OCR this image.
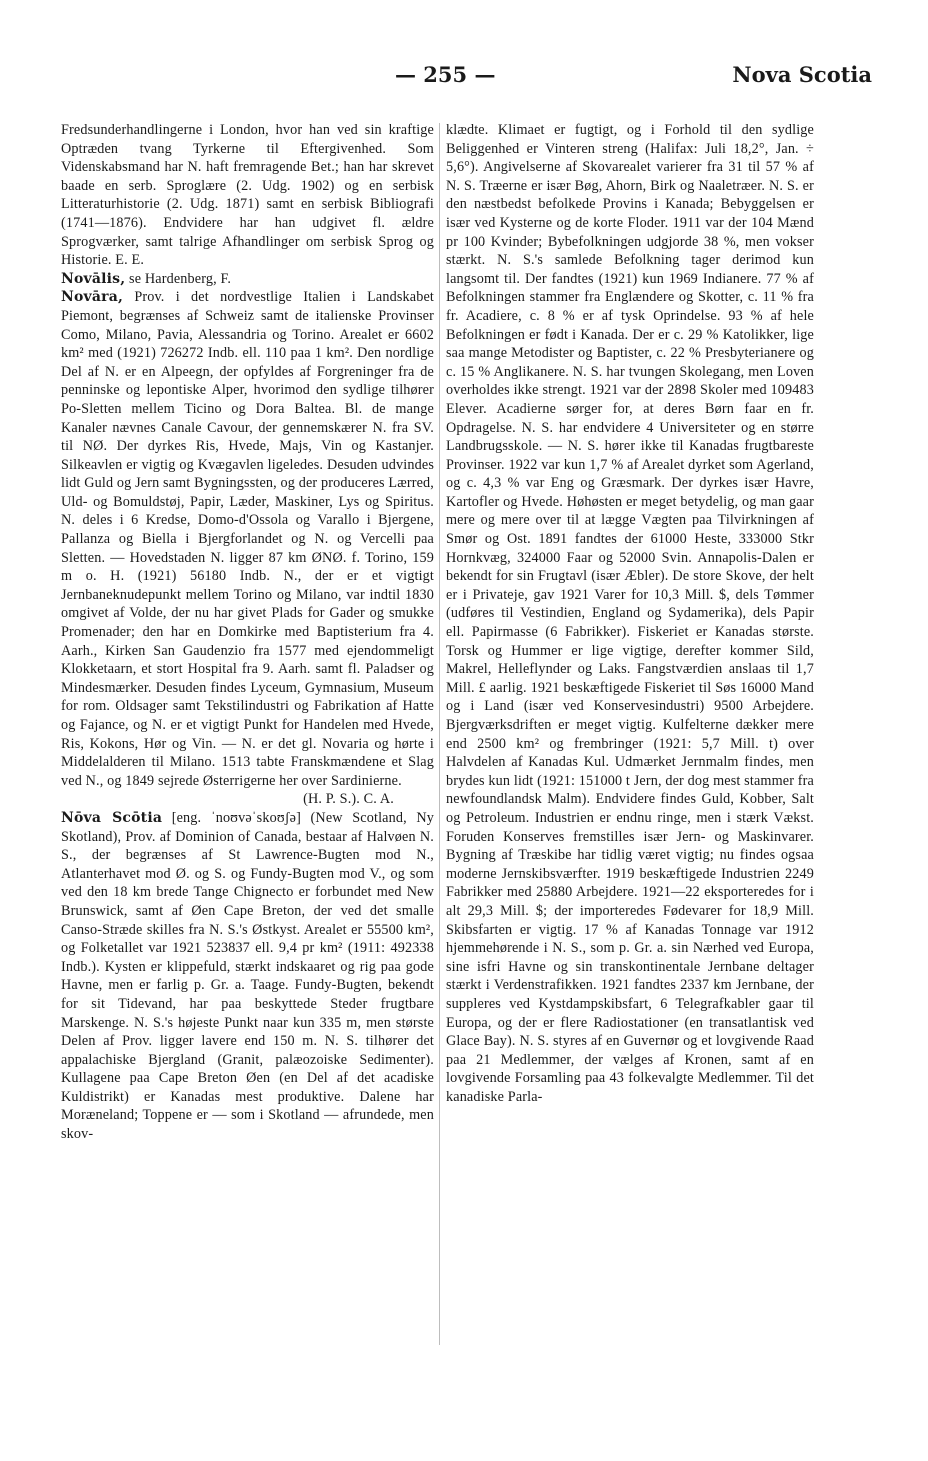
— 255 —	Nova Scotia

Fredsunderhandlingerne i London, hvor han ved sin kraftige Optræden tvang Tyrkerne til Eftergivenhed. Som Videnskabsmand har N. haft fremragende Bet.; han har skrevet baade en serb. Sproglære (2. Udg. 1902) og en serbisk Litteraturhistorie (2. Udg. 1871) samt en serbisk Bibliografi (1741—1876). Endvidere har han udgivet fl. ældre Sprogværker, samt talrige Afhandlinger om serbisk Sprog og Historie. E. E.

Novālis, se Hardenberg, F.

Novāra, Prov. i det nordvestlige Italien i Landskabet Piemont, begrænses af Schweiz samt de italienske Provinser Como, Milano, Pavia, Alessandria og Torino. Arealet er 6602 km² med (1921) 726272 Indb. ell. 110 paa 1 km². Den nordlige Del af N. er en Alpeegn, der opfyldes af Forgreninger fra de penninske og lepontiske Alper, hvorimod den sydlige tilhører Po-Sletten mellem Ticino og Dora Baltea. Bl. de mange Kanaler nævnes Canale Cavour, der gennemskærer N. fra SV. til NØ. Der dyrkes Ris, Hvede, Majs, Vin og Kastanjer. Silkeavlen er vigtig og Kvægavlen ligeledes. Desuden udvindes lidt Guld og Jern samt Bygningssten, og der produceres Lærred, Uld- og Bomuldstøj, Papir, Læder, Maskiner, Lys og Spiritus. N. deles i 6 Kredse, Domo-d'Ossola og Varallo i Bjergene, Pallanza og Biella i Bjergforlandet og N. og Vercelli paa Sletten. — Hovedstaden N. ligger 87 km ØNØ. f. Torino, 159 m o. H. (1921) 56180 Indb. N., der er et vigtigt Jernbaneknudepunkt mellem Torino og Milano, var indtil 1830 omgivet af Volde, der nu har givet Plads for Gader og smukke Promenader; den har en Domkirke med Baptisterium fra 4. Aarh., Kirken San Gaudenzio fra 1577 med ejendommeligt Klokketaarn, et stort Hospital fra 9. Aarh. samt fl. Paladser og Mindesmærker. Desuden findes Lyceum, Gymnasium, Museum for rom. Oldsager samt Tekstilindustri og Fabrikation af Hatte og Fajance, og N. er et vigtigt Punkt for Handelen med Hvede, Ris, Kokons, Hør og Vin. — N. er det gl. Novaria og hørte i Middelalderen til Milano. 1513 tabte Franskmændene et Slag ved N., og 1849 sejrede Østerrigerne her over Sardinierne.

(H. P. S.). C. A.

Nōva Scōtia [eng. ˈnoʊvəˈskoʊʃə] (New Scotland, Ny Skotland), Prov. af Dominion of Canada, bestaar af Halvøen N. S., der begrænses af St Lawrence-Bugten mod N., Atlanterhavet mod Ø. og S. og Fundy-Bugten mod V., og som ved den 18 km brede Tange Chignecto er forbundet med New Brunswick, samt af Øen Cape Breton, der ved det smalle Canso-Stræde skilles fra N. S.'s Østkyst. Arealet er 55500 km², og Folketallet var 1921 523837 ell. 9,4 pr km² (1911: 492338 Indb.). Kysten er klippefuld, stærkt indskaaret og rig paa gode Havne, men er farlig p. Gr. a. Taage. Fundy-Bugten, bekendt for sit Tidevand, har paa beskyttede Steder frugtbare Marskenge. N. S.'s højeste Punkt naar kun 335 m, men største Delen af Prov. ligger lavere end 150 m. N. S. tilhører det appalachiske Bjergland (Granit, palæozoiske Sedimenter). Kullagene paa Cape Breton Øen (en Del af det acadiske Kuldistrikt) er Kanadas mest produktive. Dalene har Moræneland; Toppene er — som i Skotland — afrundede, men skov-

klædte. Klimaet er fugtigt, og i Forhold til den sydlige Beliggenhed er Vinteren streng (Halifax: Juli 18,2°, Jan. ÷ 5,6°). Angivelserne af Skovarealet varierer fra 31 til 57 % af N. S. Træerne er især Bøg, Ahorn, Birk og Naaletræer. N. S. er den næstbedst befolkede Provins i Kanada; Bebyggelsen er især ved Kysterne og de korte Floder. 1911 var der 104 Mænd pr 100 Kvinder; Bybefolkningen udgjorde 38 %, men vokser stærkt. N. S.'s samlede Befolkning tager derimod kun langsomt til. Der fandtes (1921) kun 1969 Indianere. 77 % af Befolkningen stammer fra Englændere og Skotter, c. 11 % fra fr. Acadiere, c. 8 % er af tysk Oprindelse. 93 % af hele Befolkningen er født i Kanada. Der er c. 29 % Katolikker, lige saa mange Metodister og Baptister, c. 22 % Presbyterianere og c. 15 % Anglikanere. N. S. har tvungen Skolegang, men Loven overholdes ikke strengt. 1921 var der 2898 Skoler med 109483 Elever. Acadierne sørger for, at deres Børn faar en fr. Opdragelse. N. S. har endvidere 4 Universiteter og en større Landbrugsskole. — N. S. hører ikke til Kanadas frugtbareste Provinser. 1922 var kun 1,7 % af Arealet dyrket som Agerland, og c. 4,3 % var Eng og Græsmark. Der dyrkes især Havre, Kartofler og Hvede. Høhøsten er meget betydelig, og man gaar mere og mere over til at lægge Vægten paa Tilvirkningen af Smør og Ost. 1891 fandtes der 61000 Heste, 333000 Stkr Hornkvæg, 324000 Faar og 52000 Svin. Annapolis-Dalen er bekendt for sin Frugtavl (især Æbler). De store Skove, der helt er i Privateje, gav 1921 Varer for 10,3 Mill. $, dels Tømmer (udføres til Vestindien, England og Sydamerika), dels Papir ell. Papirmasse (6 Fabrikker). Fiskeriet er Kanadas største. Torsk og Hummer er lige vigtige, derefter kommer Sild, Makrel, Helleflynder og Laks. Fangstværdien anslaas til 1,7 Mill. £ aarlig. 1921 beskæftigede Fiskeriet til Søs 16000 Mand og i Land (især ved Konservesindustri) 9500 Arbejdere. Bjergværksdriften er meget vigtig. Kulfelterne dækker mere end 2500 km² og frembringer (1921: 5,7 Mill. t) over Halvdelen af Kanadas Kul. Udmærket Jernmalm findes, men brydes kun lidt (1921: 151000 t Jern, der dog mest stammer fra newfoundlandsk Malm). Endvidere findes Guld, Kobber, Salt og Petroleum. Industrien er endnu ringe, men i stærk Vækst. Foruden Konserves fremstilles især Jern- og Maskinvarer. Bygning af Træskibe har tidlig været vigtig; nu findes ogsaa moderne Jernskibsværfter. 1919 beskæftigede Industrien 2249 Fabrikker med 25880 Arbejdere. 1921—22 eksporteredes for i alt 29,3 Mill. $; der importeredes Fødevarer for 18,9 Mill. Skibsfarten er vigtig. 17 % af Kanadas Tonnage var 1912 hjemmehørende i N. S., som p. Gr. a. sin Nærhed ved Europa, sine isfri Havne og sin transkontinentale Jernbane deltager stærkt i Verdenstrafikken. 1921 fandtes 2337 km Jernbane, der suppleres ved Kystdampskibsfart, 6 Telegrafkabler gaar til Europa, og der er flere Radiostationer (en transatlantisk ved Glace Bay). N. S. styres af en Guvernør og et lovgivende Raad paa 21 Medlemmer, der vælges af Kronen, samt af en lovgivende Forsamling paa 43 folkevalgte Medlemmer. Til det kanadiske Parla-
